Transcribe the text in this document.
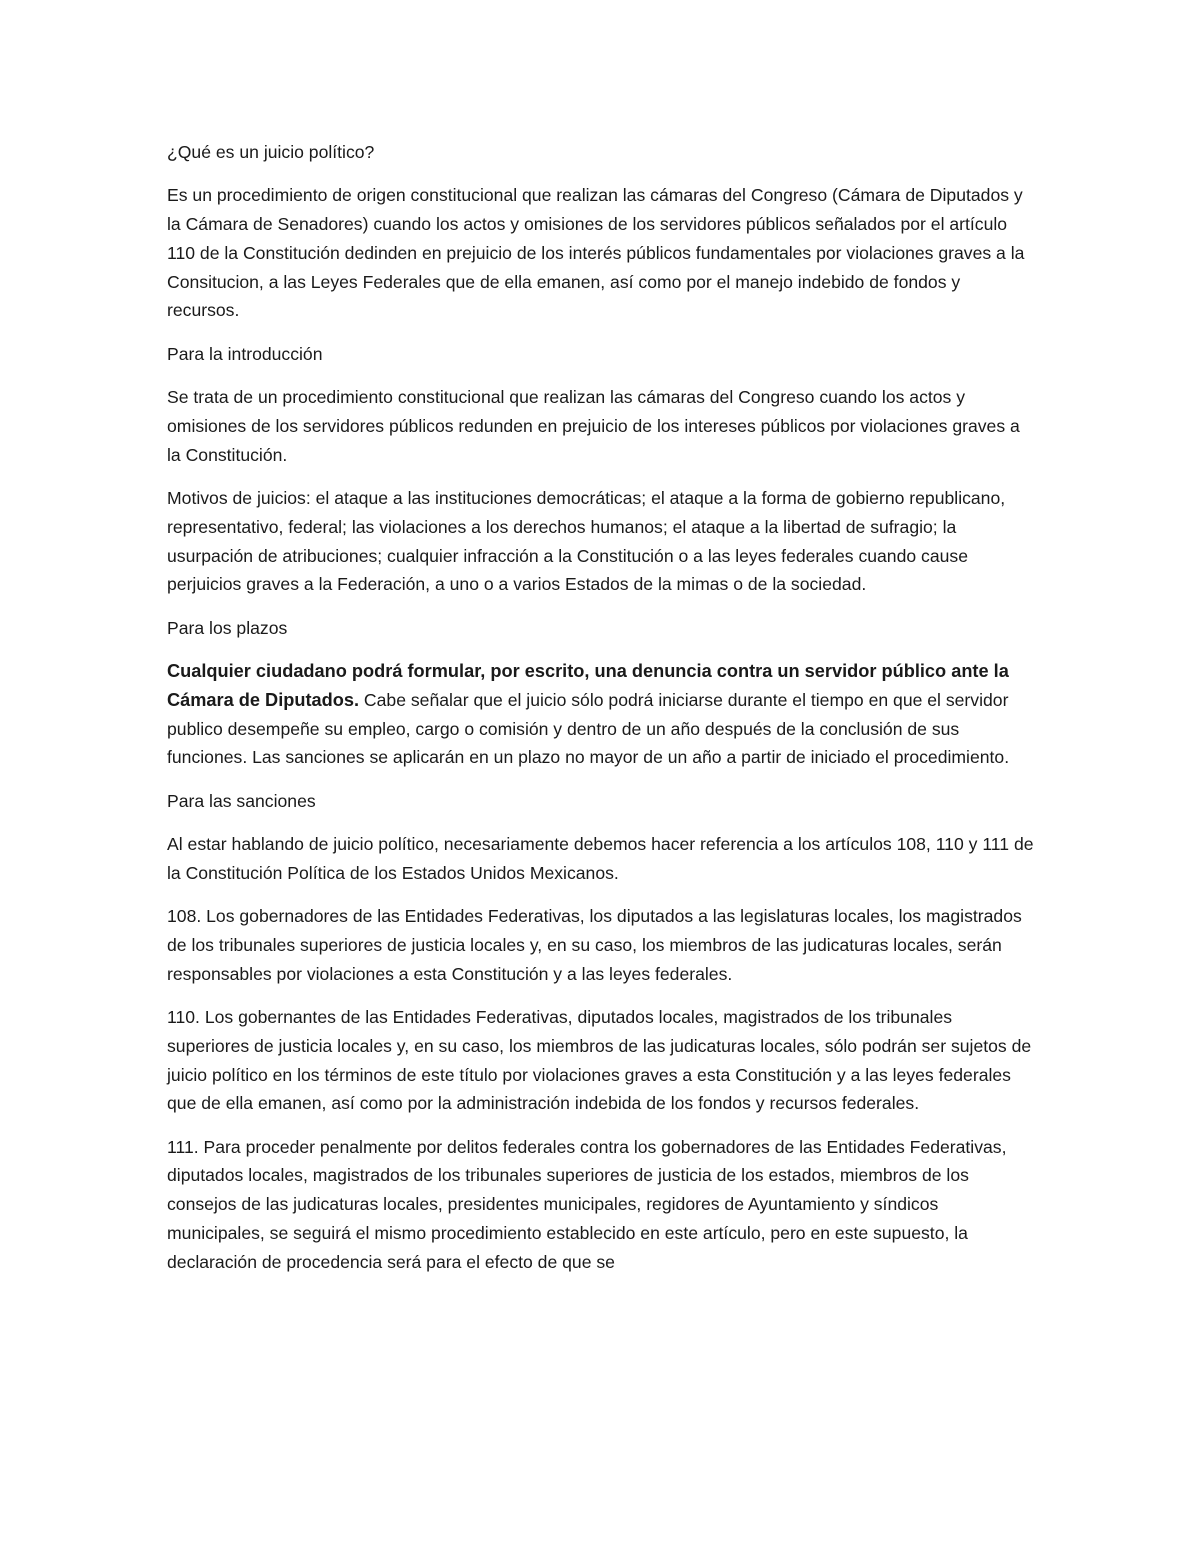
¿Qué es un juicio político?

Es un procedimiento de origen constitucional que realizan las cámaras del Congreso (Cámara de Diputados y la Cámara de Senadores) cuando los actos y omisiones de los servidores públicos señalados por el artículo 110 de la Constitución dedinden en prejuicio de los interés públicos fundamentales por violaciones graves a la Consitucion, a las Leyes Federales que de ella emanen, así como por el manejo indebido de fondos y recursos.

Para la introducción

Se trata de un procedimiento constitucional que realizan las cámaras del Congreso cuando los actos y omisiones de los servidores públicos redunden en prejuicio de los intereses públicos por violaciones graves a la Constitución.

Motivos de juicios: el ataque a las instituciones democráticas; el ataque a la forma de gobierno republicano, representativo, federal; las violaciones a los derechos humanos; el ataque a la libertad de sufragio; la usurpación de atribuciones; cualquier infracción a la Constitución o a las leyes federales cuando cause perjuicios graves a la Federación, a uno o a varios Estados de la mimas o de la sociedad.

Para los plazos

Cualquier ciudadano podrá formular, por escrito, una denuncia contra un servidor público ante la Cámara de Diputados. Cabe señalar que el juicio sólo podrá iniciarse durante el tiempo en que el servidor publico desempeñe su empleo, cargo o comisión y dentro de un año después de la conclusión de sus funciones. Las sanciones se aplicarán en un plazo no mayor de un año a partir de iniciado el procedimiento.

Para las sanciones

Al estar hablando de juicio político, necesariamente debemos hacer referencia a los artículos 108, 110 y 111 de la Constitución Política de los Estados Unidos Mexicanos.

108. Los gobernadores de las Entidades Federativas, los diputados a las legislaturas locales, los magistrados de los tribunales superiores de justicia locales y, en su caso, los miembros de las judicaturas locales, serán responsables por violaciones a esta Constitución y a las leyes federales.

110. Los gobernantes de las Entidades Federativas, diputados locales, magistrados de los tribunales superiores de justicia locales y, en su caso, los miembros de las judicaturas locales, sólo podrán ser sujetos de juicio político en los términos de este título por violaciones graves a esta Constitución y a las leyes federales que de ella emanen, así como por la administración indebida de los fondos y recursos federales.

111. Para proceder penalmente por delitos federales contra los gobernadores de las Entidades Federativas, diputados locales, magistrados de los tribunales superiores de justicia de los estados, miembros de los consejos de las judicaturas locales, presidentes municipales, regidores de Ayuntamiento y síndicos municipales, se seguirá el mismo procedimiento establecido en este artículo, pero en este supuesto, la declaración de procedencia será para el efecto de que se
